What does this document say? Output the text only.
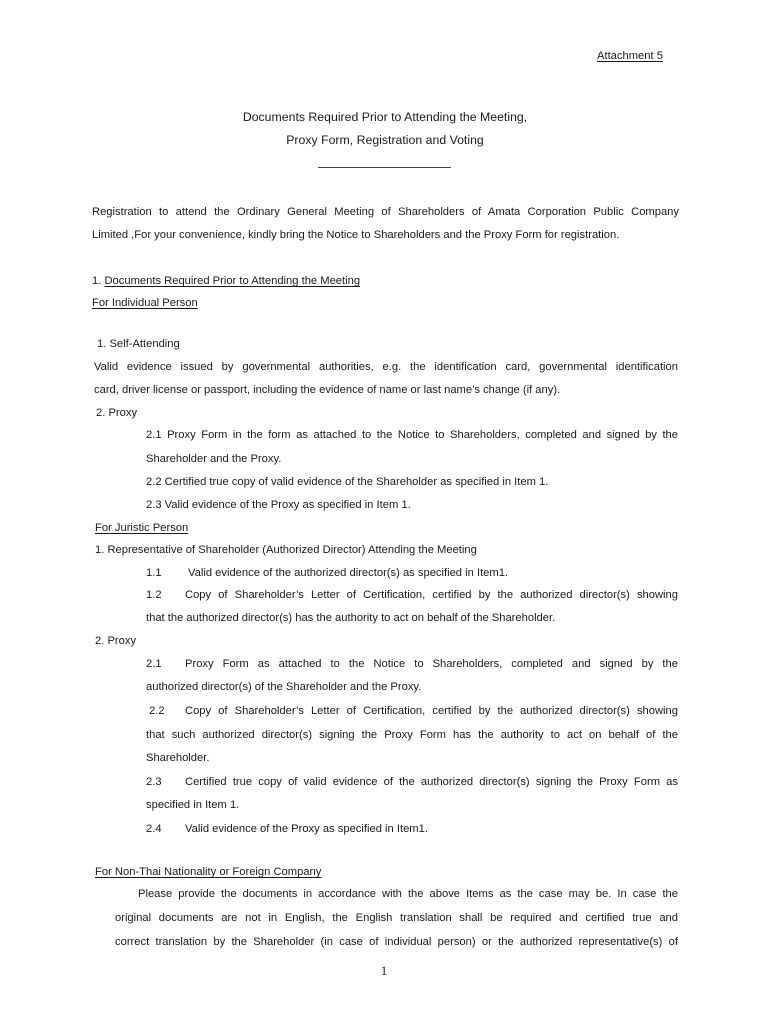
Attachment 5
Documents Required Prior to Attending the Meeting,
Proxy Form, Registration and Voting
Registration to attend the Ordinary General Meeting of Shareholders of Amata Corporation Public Company
Limited ,For your convenience, kindly bring the Notice to Shareholders and the Proxy Form for registration.
1. Documents Required Prior to Attending the Meeting
For Individual Person
1. Self-Attending
Valid evidence issued by governmental authorities, e.g. the identification card, governmental identification
card, driver license or passport, including the evidence of name or last name’s change (if any).
2. Proxy
2.1 Proxy Form in the form as attached to the Notice to Shareholders, completed and signed by the
Shareholder and the Proxy.
2.2 Certified true copy of valid evidence of the Shareholder as specified in Item 1.
2.3 Valid evidence of the Proxy as specified in Item 1.
For Juristic Person
1. Representative of Shareholder (Authorized Director) Attending the Meeting
1.1 Valid evidence of the authorized director(s) as specified in Item1.
1.2 Copy of Shareholder’s Letter of Certification, certified by the authorized director(s) showing
that the authorized director(s) has the authority to act on behalf of the Shareholder.
2. Proxy
2.1 Proxy Form as attached to the Notice to Shareholders, completed and signed by the
authorized director(s) of the Shareholder and the Proxy.
2.2 Copy of Shareholder’s Letter of Certification, certified by the authorized director(s) showing
that such authorized director(s) signing the Proxy Form has the authority to act on behalf of the
Shareholder.
2.3 Certified true copy of valid evidence of the authorized director(s) signing the Proxy Form as
specified in Item 1.
2.4 Valid evidence of the Proxy as specified in Item1.
For Non-Thai Nationality or Foreign Company
Please provide the documents in accordance with the above Items as the case may be. In case the
original documents are not in English, the English translation shall be required and certified true and
correct translation by the Shareholder (in case of individual person) or the authorized representative(s) of
1
